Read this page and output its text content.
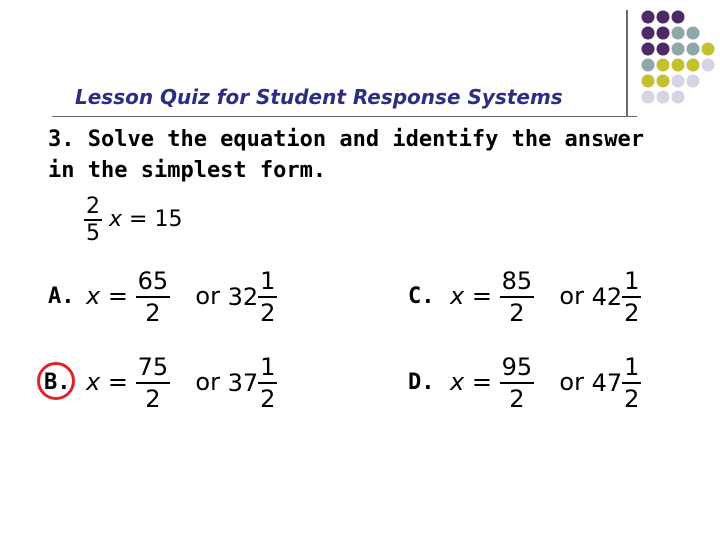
Lesson Quiz for Student Response Systems
3. Solve the equation and identify the answer
in the simplest form.
$\frac{2}{5}$ x = 15
A. $x = \frac{65}{2}$ or $32 \frac{1}{2}$
B. $x = \frac{75}{2}$ or $37 \frac{1}{2}$
C. $x = \frac{85}{2}$ or $42 \frac{1}{2}$
D. $x = \frac{95}{2}$ or $47 \frac{1}{2}$
